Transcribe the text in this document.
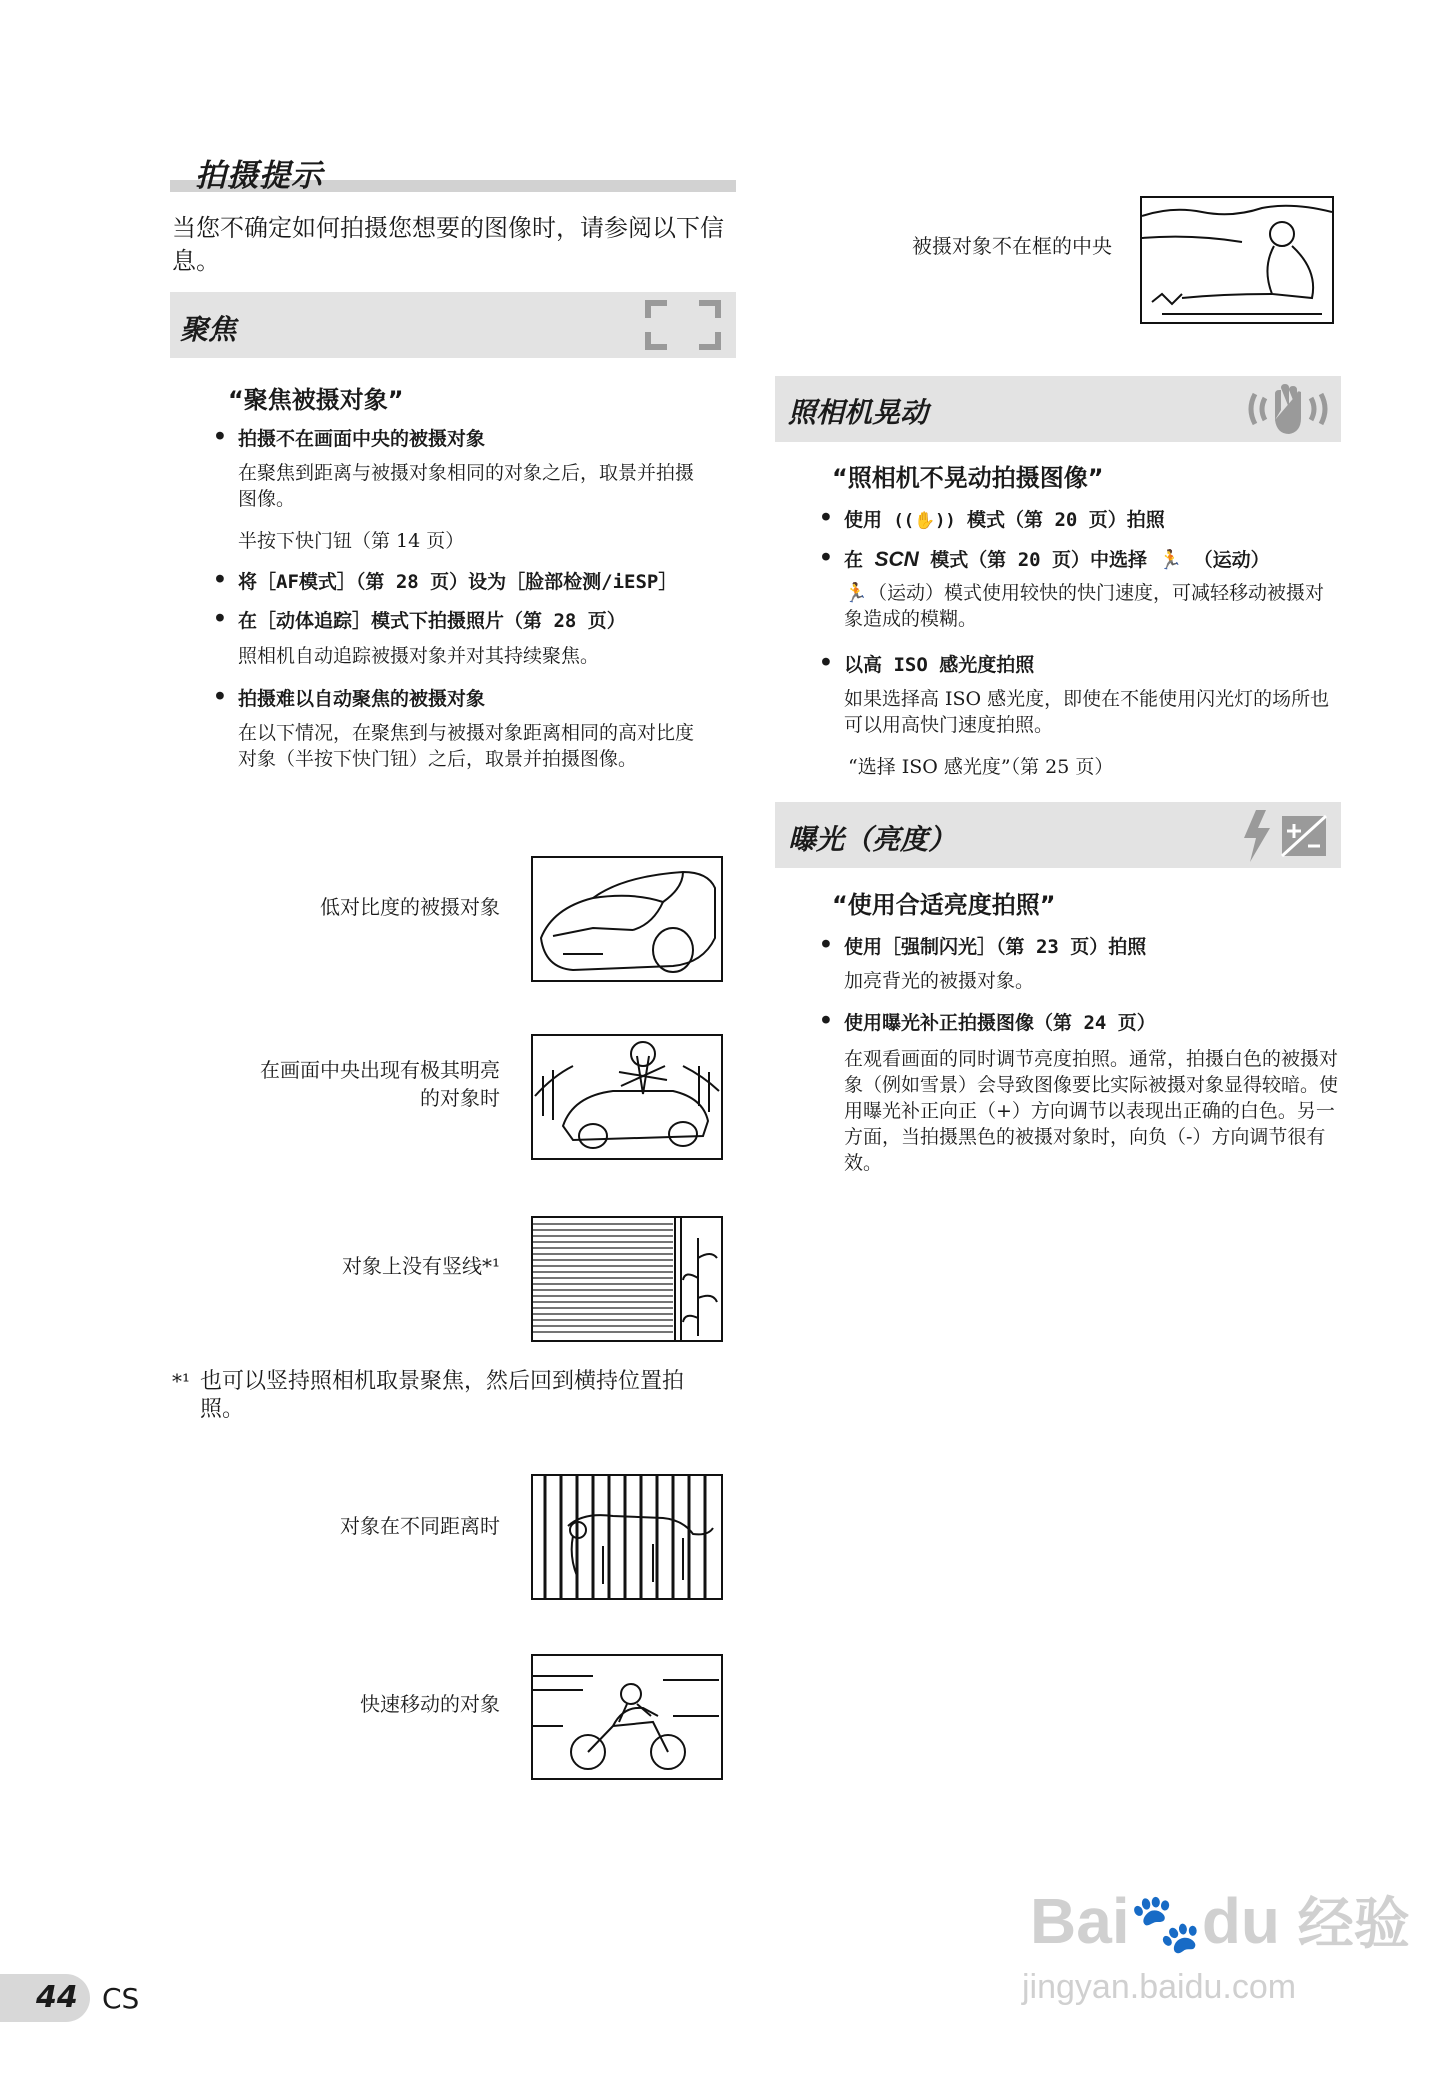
拍摄提示
当您不确定如何拍摄您想要的图像时，请参阅以下信息。
聚焦
“聚焦被摄对象”
● 拍摄不在画面中央的被摄对象
在聚焦到距离与被摄对象相同的对象之后，取景并拍摄图像。
半按下快门钮（第 14 页）
● 将［AF模式］（第 28 页）设为［脸部检测/iESP］
● 在［动体追踪］模式下拍摄照片（第 28 页）
照相机自动追踪被摄对象并对其持续聚焦。
● 拍摄难以自动聚焦的被摄对象
在以下情况，在聚焦到与被摄对象距离相同的高对比度对象（半按下快门钮）之后，取景并拍摄图像。
低对比度的被摄对象
在画面中央出现有极其明亮
的对象时
对象上没有竖线*¹
*¹ 也可以竖持照相机取景聚焦，然后回到横持位置拍照。
对象在不同距离时
快速移动的对象
被摄对象不在框的中央
照相机晃动
“照相机不晃动拍摄图像”
● 使用 ((✋)) 模式（第 20 页）拍照
● 在 SCN 模式（第 20 页）中选择 🏃 （运动）
🏃 （运动）模式使用较快的快门速度，可减轻移动被摄对象造成的模糊。
● 以高 ISO 感光度拍照
如果选择高 ISO 感光度，即使在不能使用闪光灯的场所也可以用高快门速度拍照。
“选择 ISO 感光度”（第 25 页）
曝光（亮度）
“使用合适亮度拍照”
● 使用［强制闪光］（第 23 页）拍照
加亮背光的被摄对象。
● 使用曝光补正拍摄图像（第 24 页）
在观看画面的同时调节亮度拍照。通常，拍摄白色的被摄对象（例如雪景）会导致图像要比实际被摄对象显得较暗。使用曝光补正向正（+）方向调节以表现出正确的白色。另一方面，当拍摄黑色的被摄对象时，向负（-）方向调节很有效。
44 CS
Bai🐾du 经验
jingyan.baidu.com
